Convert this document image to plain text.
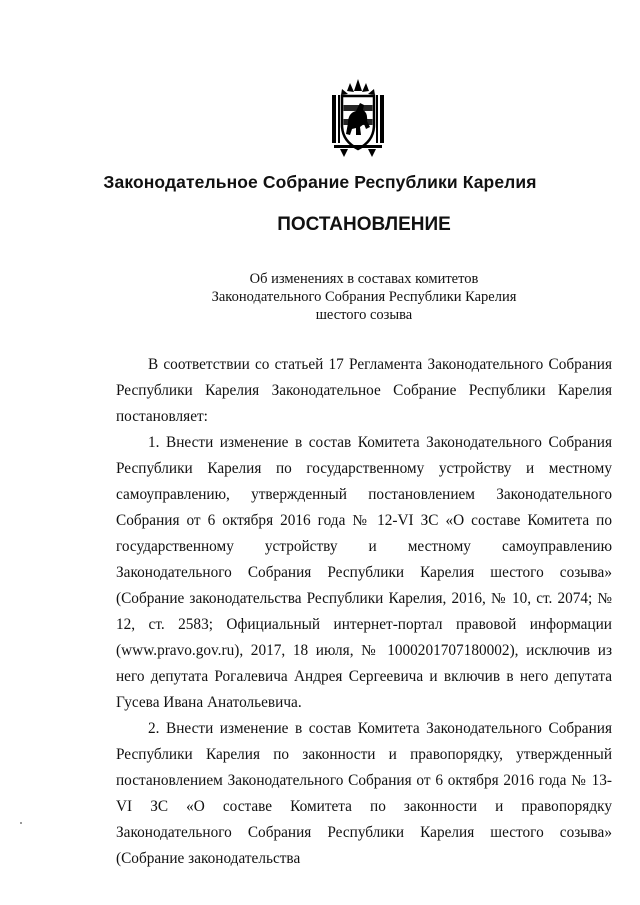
Законодательное Собрание Республики Карелия
ПОСТАНОВЛЕНИЕ
Об изменениях в составах комитетов
Законодательного Собрания Республики Карелия
шестого созыва

В соответствии со статьей 17 Регламента Законодательного Собрания Республики Карелия Законодательное Собрание Республики Карелия постановляет:

1. Внести изменение в состав Комитета Законодательного Собрания Республики Карелия по государственному устройству и местному самоуправлению, утвержденный постановлением Законодательного Собрания от 6 октября 2016 года № 12-VI ЗС «О составе Комитета по государственному устройству и местному самоуправлению Законодательного Собрания Республики Карелия шестого созыва» (Собрание законодательства Республики Карелия, 2016, № 10, ст. 2074; № 12, ст. 2583; Официальный интернет-портал правовой информации (www.pravo.gov.ru), 2017, 18 июля, № 1000201707180002), исключив из него депутата Рогалевича Андрея Сергеевича и включив в него депутата Гусева Ивана Анатольевича.

2. Внести изменение в состав Комитета Законодательного Собрания Республики Карелия по законности и правопорядку, утвержденный постановлением Законодательного Собрания от 6 октября 2016 года № 13-VI ЗС «О составе Комитета по законности и правопорядку Законодательного Собрания Республики Карелия шестого созыва» (Собрание законодательства
